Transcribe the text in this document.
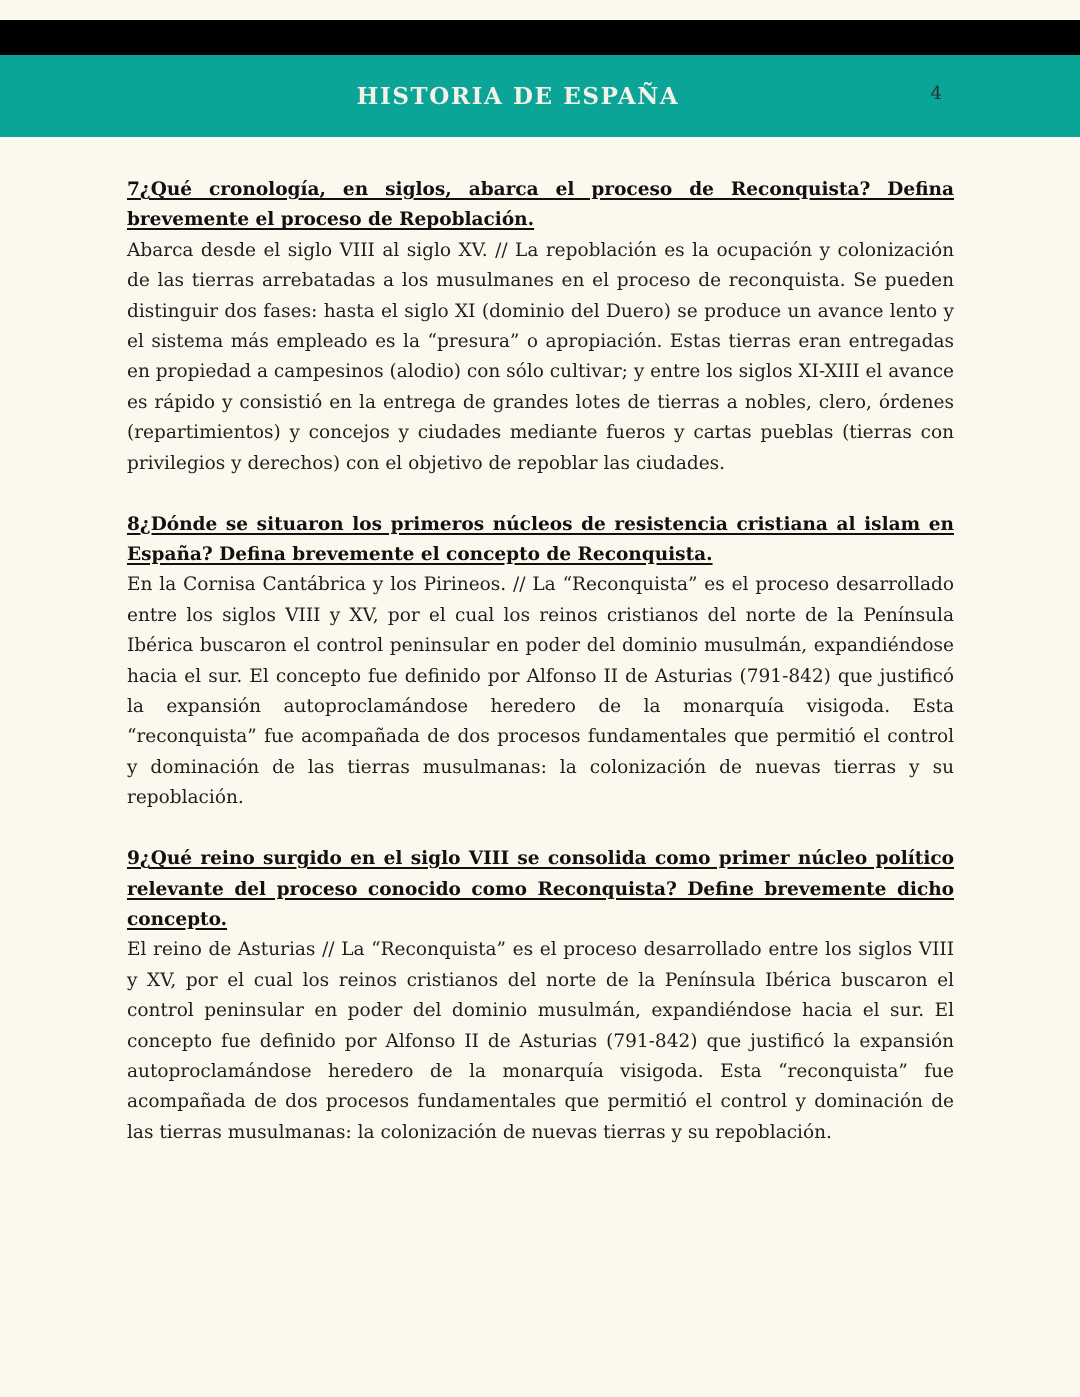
HISTORIA DE ESPAÑA	4

7¿Qué cronología, en siglos, abarca el proceso de Reconquista? Defina brevemente el proceso de Repoblación.

Abarca desde el siglo VIII al siglo XV. // La repoblación es la ocupación y colonización de las tierras arrebatadas a los musulmanes en el proceso de reconquista. Se pueden distinguir dos fases: hasta el siglo XI (dominio del Duero) se produce un avance lento y el sistema más empleado es la “presura” o apropiación. Estas tierras eran entregadas en propiedad a campesinos (alodio) con sólo cultivar; y entre los siglos XI-XIII el avance es rápido y consistió en la entrega de grandes lotes de tierras a nobles, clero, órdenes (repartimientos) y concejos y ciudades mediante fueros y cartas pueblas (tierras con privilegios y derechos) con el objetivo de repoblar las ciudades.

8¿Dónde se situaron los primeros núcleos de resistencia cristiana al islam en España? Defina brevemente el concepto de Reconquista.

En la Cornisa Cantábrica y los Pirineos. // La “Reconquista” es el proceso desarrollado entre los siglos VIII y XV, por el cual los reinos cristianos del norte de la Península Ibérica buscaron el control peninsular en poder del dominio musulmán, expandiéndose hacia el sur. El concepto fue definido por Alfonso II de Asturias (791-842) que justificó la expansión autoproclamándose heredero de la monarquía visigoda. Esta “reconquista” fue acompañada de dos procesos fundamentales que permitió el control y dominación de las tierras musulmanas: la colonización de nuevas tierras y su repoblación.

9¿Qué reino surgido en el siglo VIII se consolida como primer núcleo político relevante del proceso conocido como Reconquista? Define brevemente dicho concepto.

El reino de Asturias // La “Reconquista” es el proceso desarrollado entre los siglos VIII y XV, por el cual los reinos cristianos del norte de la Península Ibérica buscaron el control peninsular en poder del dominio musulmán, expandiéndose hacia el sur. El concepto fue definido por Alfonso II de Asturias (791-842) que justificó la expansión autoproclamándose heredero de la monarquía visigoda. Esta “reconquista” fue acompañada de dos procesos fundamentales que permitió el control y dominación de las tierras musulmanas: la colonización de nuevas tierras y su repoblación.
